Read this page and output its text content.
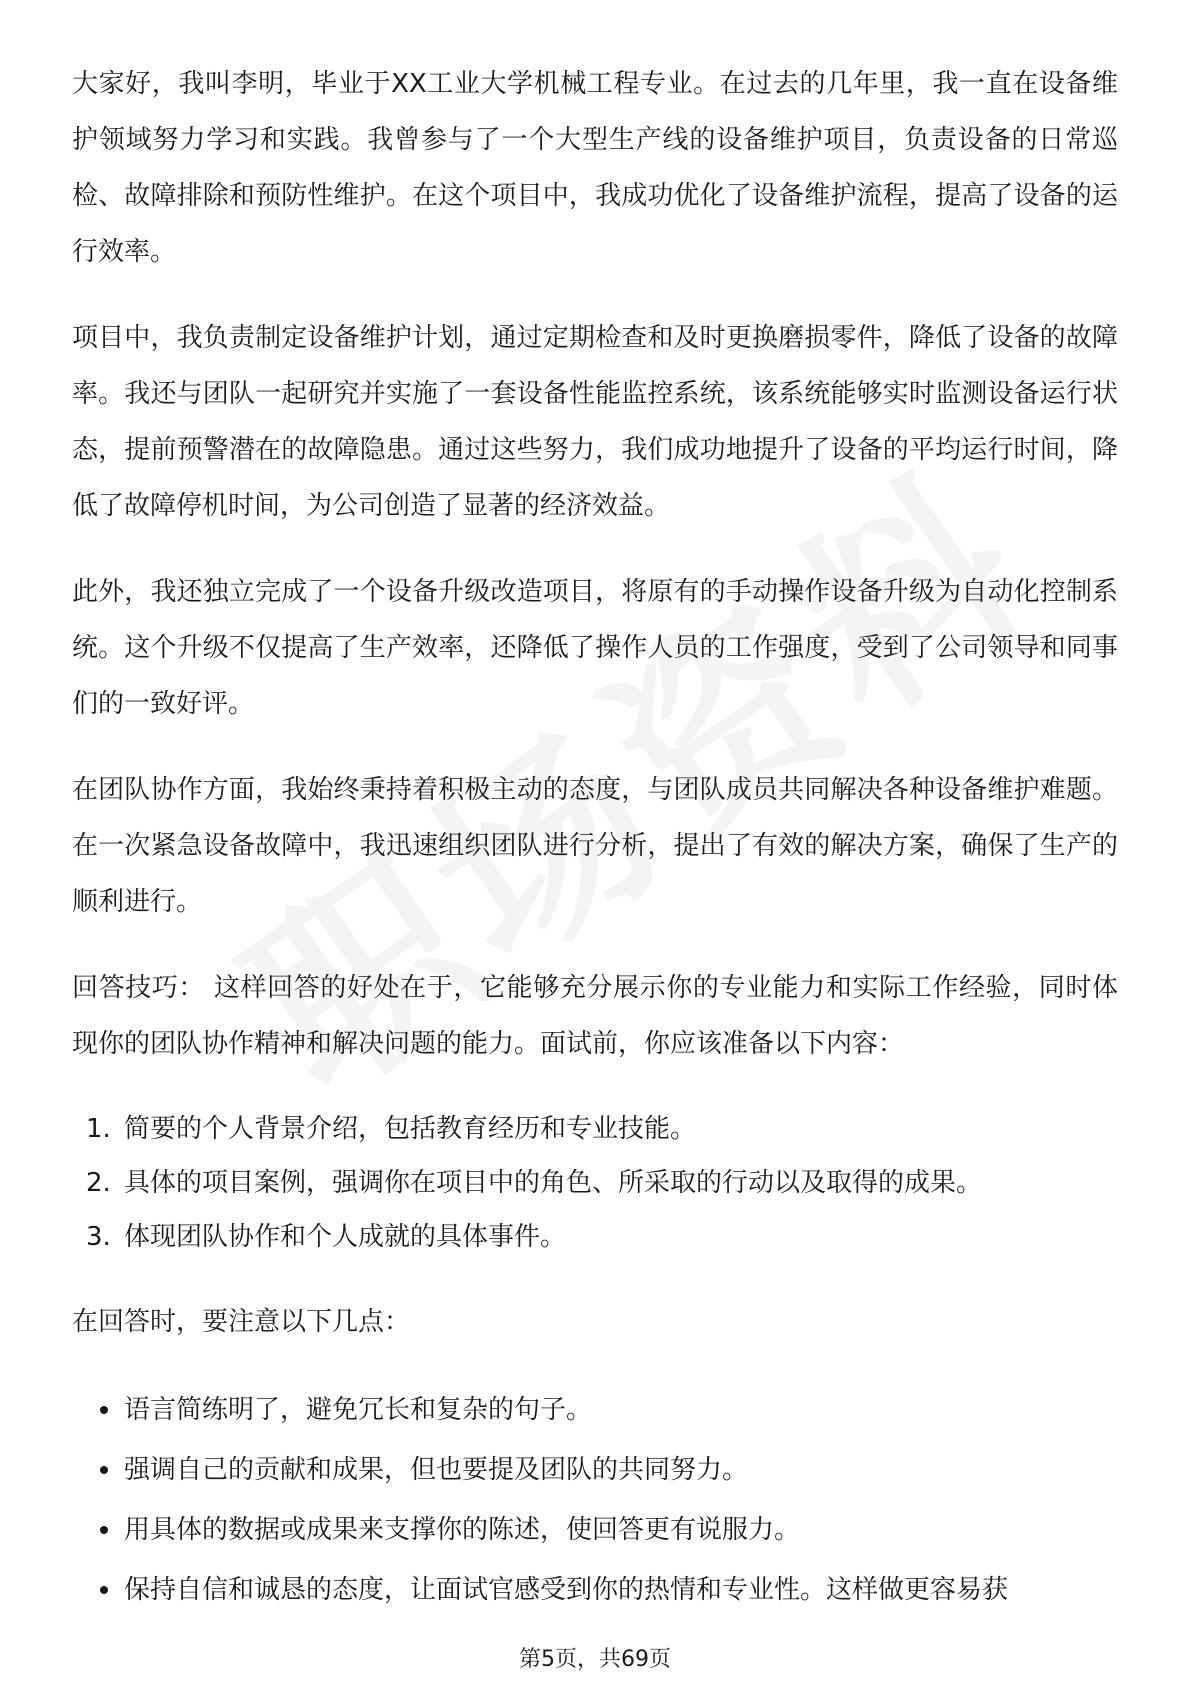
大家好，我叫李明，毕业于XX工业大学机械工程专业。在过去的几年里，我一直在设备维护领域努力学习和实践。我曾参与了一个大型生产线的设备维护项目，负责设备的日常巡检、故障排除和预防性维护。在这个项目中，我成功优化了设备维护流程，提高了设备的运行效率。

项目中，我负责制定设备维护计划，通过定期检查和及时更换磨损零件，降低了设备的故障率。我还与团队一起研究并实施了一套设备性能监控系统，该系统能够实时监测设备运行状态，提前预警潜在的故障隐患。通过这些努力，我们成功地提升了设备的平均运行时间，降低了故障停机时间，为公司创造了显著的经济效益。

此外，我还独立完成了一个设备升级改造项目，将原有的手动操作设备升级为自动化控制系统。这个升级不仅提高了生产效率，还降低了操作人员的工作强度，受到了公司领导和同事们的一致好评。

在团队协作方面，我始终秉持着积极主动的态度，与团队成员共同解决各种设备维护难题。在一次紧急设备故障中，我迅速组织团队进行分析，提出了有效的解决方案，确保了生产的顺利进行。

回答技巧： 这样回答的好处在于，它能够充分展示你的专业能力和实际工作经验，同时体现你的团队协作精神和解决问题的能力。面试前，你应该准备以下内容：

1. 简要的个人背景介绍，包括教育经历和专业技能。
2. 具体的项目案例，强调你在项目中的角色、所采取的行动以及取得的成果。
3. 体现团队协作和个人成就的具体事件。

在回答时，要注意以下几点：

语言简练明了，避免冗长和复杂的句子。
强调自己的贡献和成果，但也要提及团队的共同努力。
用具体的数据或成果来支撑你的陈述，使回答更有说服力。
保持自信和诚恳的态度，让面试官感受到你的热情和专业性。这样做更容易获
第5页，共69页
